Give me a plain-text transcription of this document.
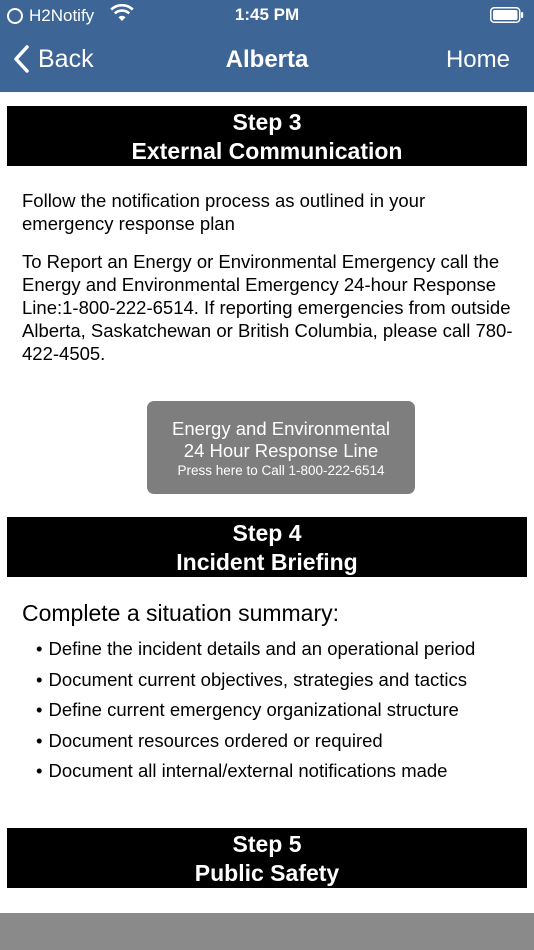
H2Notify	1:45 PM
Back	Alberta	Home
Step 3
External Communication
Follow the notification process as outlined in your emergency response plan
To Report an Energy or Environmental Emergency call the Energy and Environmental Emergency 24-hour Response Line:1-800-222-6514. If reporting emergencies from outside Alberta, Saskatchewan or British Columbia, please call 780-422-4505.
Energy and Environmental
24 Hour Response Line
Press here to Call 1-800-222-6514
Step 4
Incident Briefing
Complete a situation summary:
• Define the incident details and an operational period
• Document current objectives, strategies and tactics
• Define current emergency organizational structure
• Document resources ordered or required
• Document all internal/external notifications made
Step 5
Public Safety
